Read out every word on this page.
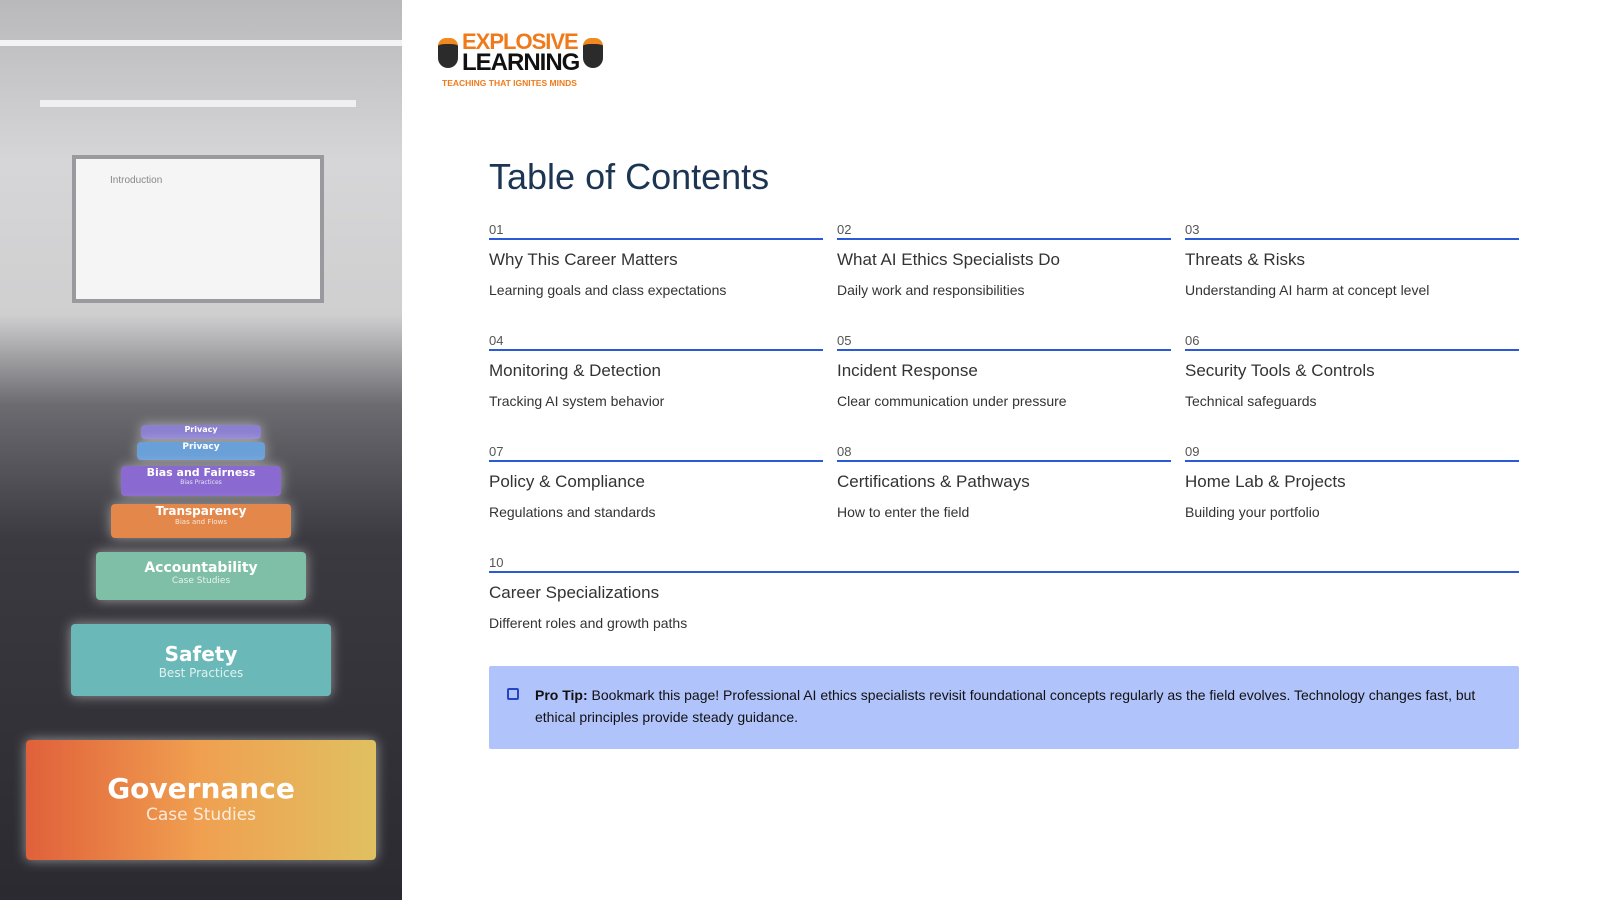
Introduction
Privacy
Privacy
Bias and Fairness
Bias Practices
Transparency
Bias and Flows
Accountability
Case Studies
Safety
Best Practices
Governance
Case Studies
EXPLOSIVE
LEARNING
TEACHING THAT IGNITES MINDS
Table of Contents
01
Why This Career Matters
Learning goals and class expectations
02
What AI Ethics Specialists Do
Daily work and responsibilities
03
Threats & Risks
Understanding AI harm at concept level
04
Monitoring & Detection
Tracking AI system behavior
05
Incident Response
Clear communication under pressure
06
Security Tools & Controls
Technical safeguards
07
Policy & Compliance
Regulations and standards
08
Certifications & Pathways
How to enter the field
09
Home Lab & Projects
Building your portfolio
10
Career Specializations
Different roles and growth paths
Pro Tip: Bookmark this page! Professional AI ethics specialists revisit foundational concepts regularly as the field evolves. Technology changes fast, but ethical principles provide steady guidance.
